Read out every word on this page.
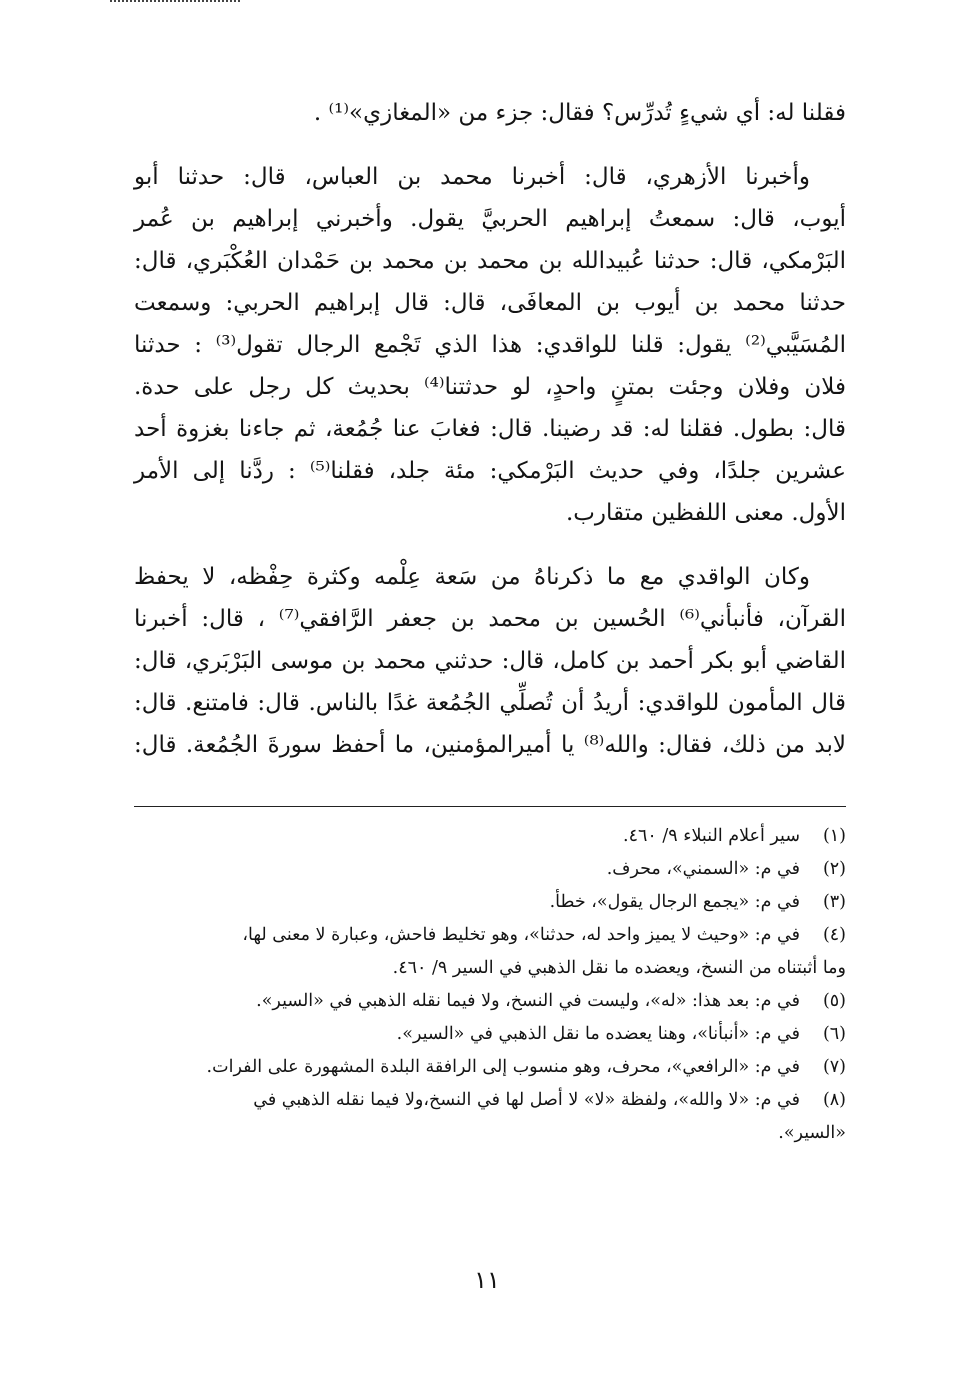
فقلنا له: أي شيءٍ تُدرِّس؟ فقال: جزء من «المغازي»⁽¹⁾ .

وأخبرنا الأزهري، قال: أخبرنا محمد بن العباس، قال: حدثنا أبو
أيوب، قال: سمعتُ إبراهيم الحربيَّ يقول. وأخبرني إبراهيم بن عُمر
البَرْمكي، قال: حدثنا عُبيدالله بن محمد بن محمد بن حَمْدان العُكْبَري، قال:
حدثنا محمد بن أيوب بن المعافَى، قال: قال إبراهيم الحربي: وسمعت
المُسَيَّبي⁽²⁾ يقول: قلنا للواقدي: هذا الذي تَجْمع الرجال تقول⁽³⁾ : حدثنا
فلان وفلان وجئت بمتنٍ واحدٍ، لو حدثتنا⁽⁴⁾ بحديث كل رجل على حدة.
قال: بطول. فقلنا له: قد رضينا. قال: فغابَ عنا جُمُعة، ثم جاءنا بغزوة أحد
عشرين جلدًا، وفي حديث البَرْمكي: مئة جلد، فقلنا⁽⁵⁾ : ردَّنا إلى الأمر
الأول. معنى اللفظين متقارب.

وكان الواقدي مع ما ذكرناهُ من سَعة عِلْمه وكثرة حِفْظه، لا يحفظ
القرآن، فأنبأني⁽⁶⁾ الحُسين بن محمد بن جعفر الرَّافقي⁽⁷⁾ ، قال: أخبرنا
القاضي أبو بكر أحمد بن كامل، قال: حدثني محمد بن موسى البَرْبَري، قال:
قال المأمون للواقدي: أريدُ أن تُصلِّي الجُمُعة غدًا بالناس. قال: فامتنع. قال:
لابد من ذلك، فقال: والله⁽⁸⁾ يا أميرالمؤمنين، ما أحفظ سورةَ الجُمُعة. قال:

(١)
سير أعلام النبلاء ٩/ ٤٦٠.
(٢)
في م: «السمني»، محرف.
(٣)
في م: «يجمع الرجال يقول»، خطأ.
(٤)
في م: «وحيث لا يميز واحد له، حدثنا»، وهو تخليط فاحش، وعبارة لا معنى لها،
وما أثبتناه من النسخ، ويعضده ما نقل الذهبي في السير ٩/ ٤٦٠.
(٥)
في م: بعد هذا: «له»، وليست في النسخ، ولا فيما نقله الذهبي في «السير».
(٦)
في م: «أنبأنا»، وهنا يعضده ما نقل الذهبي في «السير».
(٧)
في م: «الرافعي»، محرف، وهو منسوب إلى الرافقة البلدة المشهورة على الفرات.
(٨)
في م: «لا والله»، ولفظة «لا» لا أصل لها في النسخ،ولا فيما نقله الذهبي في
«السير».
١١
